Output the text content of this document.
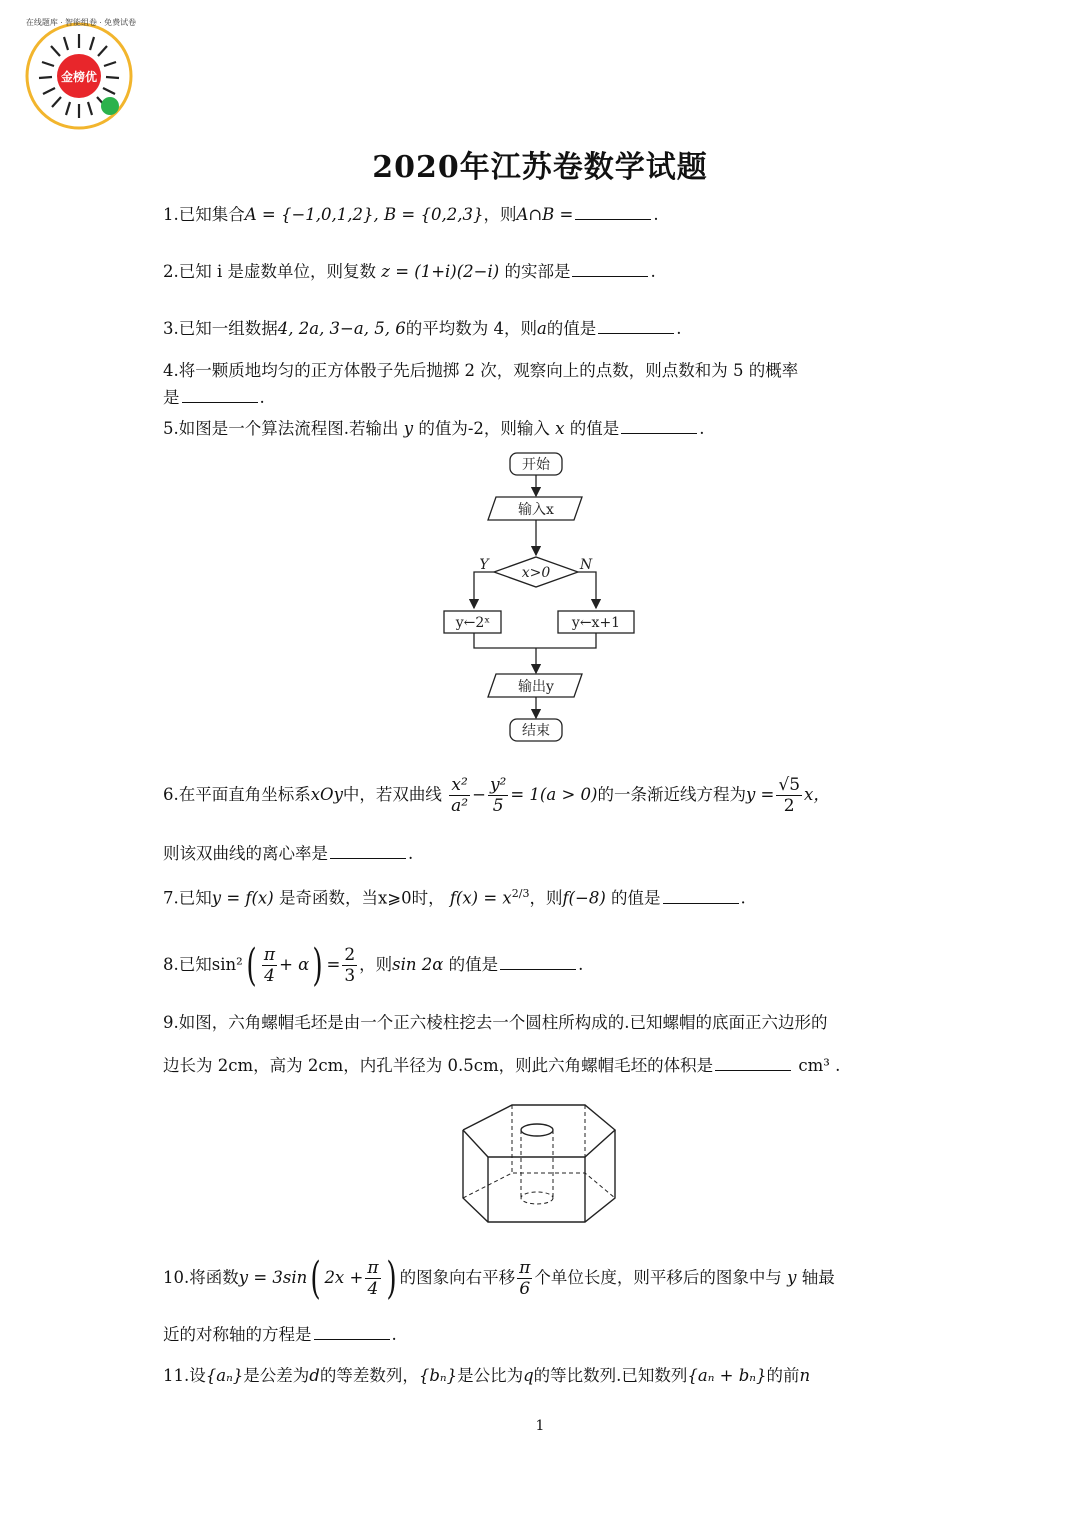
金榜优
在线题库 · 智能组卷 · 免费试卷
2020年江苏卷数学试题
1.已知集合A = {−1,0,1,2}, B = {0,2,3}，则A∩B =	.
2.已知 i 是虚数单位，则复数 z = (1+i)(2−i) 的实部是	.
3.已知一组数据4, 2a, 3−a, 5, 6的平均数为 4，则a的值是	.
4.将一颗质地均匀的正方体骰子先后抛掷 2 次，观察向上的点数，则点数和为 5 的概率
是	.
5.如图是一个算法流程图.若输出 y 的值为-2，则输入 x 的值是	.
开始
输入x
x>0
Y	N
y←2ˣ	y←x+1
输出y
结束
6.在平面直角坐标系xOy中，若双曲线 $\frac{\text{x²}}{\text{a²}} - \frac{\text{y²}}{5} = 1(a > 0)$的一条渐近线方程为$y = \frac{√5}{2}$ x，
则该双曲线的离心率是	.
7.已知y = f(x) 是奇函数，当x⩾0时， $f(x) = x^{2/3}$，则f(−8) 的值是	.
8.已知$\sin^2( \frac{\pi}{4} + \alpha) = \frac{2}{3}$ ，则sin 2α 的值是	.
9.如图，六角螺帽毛坯是由一个正六棱柱挖去一个圆柱所构成的.已知螺帽的底面正六边形的
边长为 2cm，高为 2cm，内孔半径为 0.5cm，则此六角螺帽毛坯的体积是	cm³ .
10.将函数y = 3sin( $2x + \frac{\pi}{4}$ ) 的图象向右平移 $\frac{\pi}{6}$ 个单位长度，则平移后的图象中与 y 轴最
近的对称轴的方程是	.
11.设{aₙ}是公差为d的等差数列，{bₙ}是公比为q的等比数列.已知数列{aₙ + bₙ}的前n
1
